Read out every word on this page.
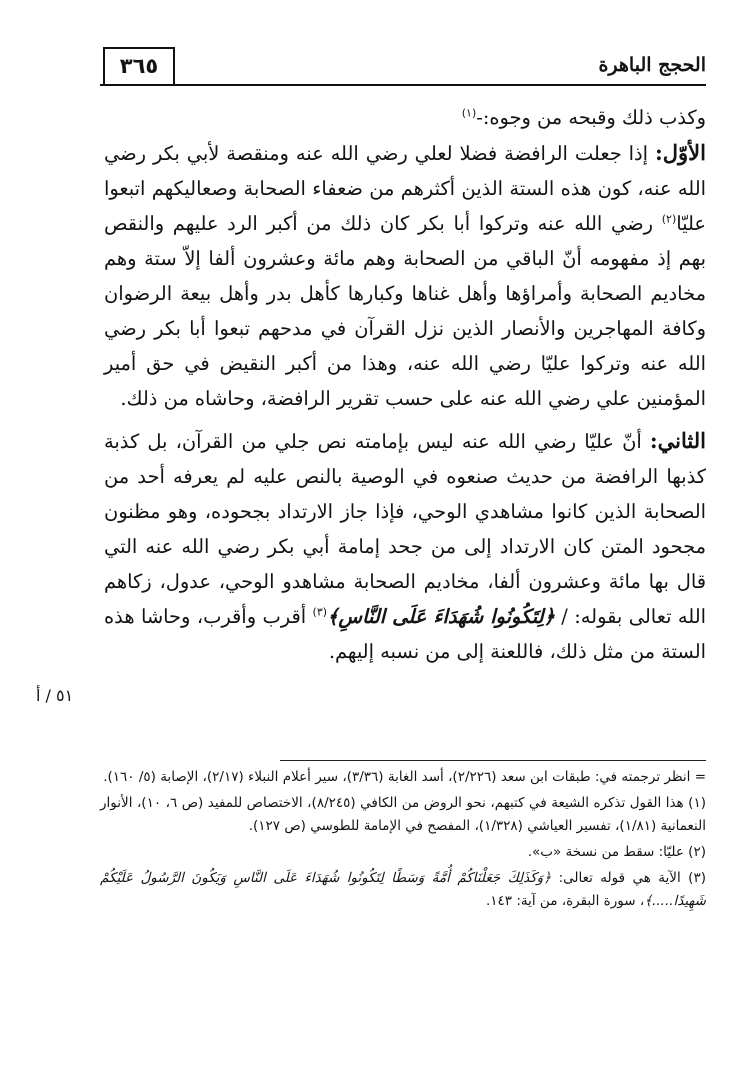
٣٦٥	الحجج الباهرة

وكذب ذلك وقبحه من وجوه:-$^{(١)}$

الأوّل: إذا جعلت الرافضة فضلا لعلي رضي الله عنه ومنقصة لأبي بكر رضي الله عنه، كون هذه الستة الذين أكثرهم من ضعفاء الصحابة وصعاليكهم اتبعوا عليّا$^{(٢)}$ رضي الله عنه وتركوا أبا بكر كان ذلك من أكبر الرد عليهم والنقص بهم إذ مفهومه أنّ الباقي من الصحابة وهم مائة وعشرون ألفا إلاّ ستة وهم مخاديم الصحابة وأمراؤها وأهل غناها وكبارها كأهل بدر وأهل بيعة الرضوان وكافة المهاجرين والأنصار الذين نزل القرآن في مدحهم تبعوا أبا بكر رضي الله عنه وتركوا عليّا رضي الله عنه، وهذا من أكبر النقيض في حق أمير المؤمنين علي رضي الله عنه على حسب تقرير الرافضة، وحاشاه من ذلك.

الثاني: أنّ عليّا رضي الله عنه ليس بإمامته نص جلي من القرآن، بل كذبة كذبها الرافضة من حديث صنعوه في الوصية بالنص عليه لم يعرفه أحد من الصحابة الذين كانوا مشاهدي الوحي، فإذا جاز الارتداد بجحوده، وهو مظنون مجحود المتن كان الارتداد إلى من جحد إمامة أبي بكر رضي الله عنه التي قال بها مائة وعشرون ألفا، مخاديم الصحابة مشاهدو الوحي، عدول، زكاهم الله تعالى بقوله: / ﴿لِتَكُونُوا شُهَدَاءَ عَلَى النَّاسِ﴾$^{(٣)}$ أقرب وأقرب، وحاشا هذه الستة من مثل ذلك، فاللعنة إلى من نسبه إليهم.

٥١ / أ

= انظر ترجمته في: طبقات ابن سعد (٢/٢٢٦)، أسد الغابة (٣/٣٦)، سير أعلام النبلاء (٢/١٧)، الإصابة (٥/ ١٦٠).

(١) هذا القول تذكره الشيعة في كتبهم، نحو الروض من الكافي (٨/٢٤٥)، الاختصاص للمفيد (ص ٦، ١٠)، الأنوار النعمانية (١/٨١)، تفسير العياشي (١/٣٢٨)، المفصح في الإمامة للطوسي (ص ١٢٧).

(٢) عليّا: سقط من نسخة «ب».

(٣) الآية هي قوله تعالى: ﴿وَكَذَلِكَ جَعَلْنَاكُمْ أُمَّةً وَسَطًا لِتَكُونُوا شُهَدَاءَ عَلَى النَّاسِ وَيَكُونَ الرَّسُولُ عَلَيْكُمْ شَهِيدًا.....﴾، سورة البقرة، من آية: ١٤٣.
